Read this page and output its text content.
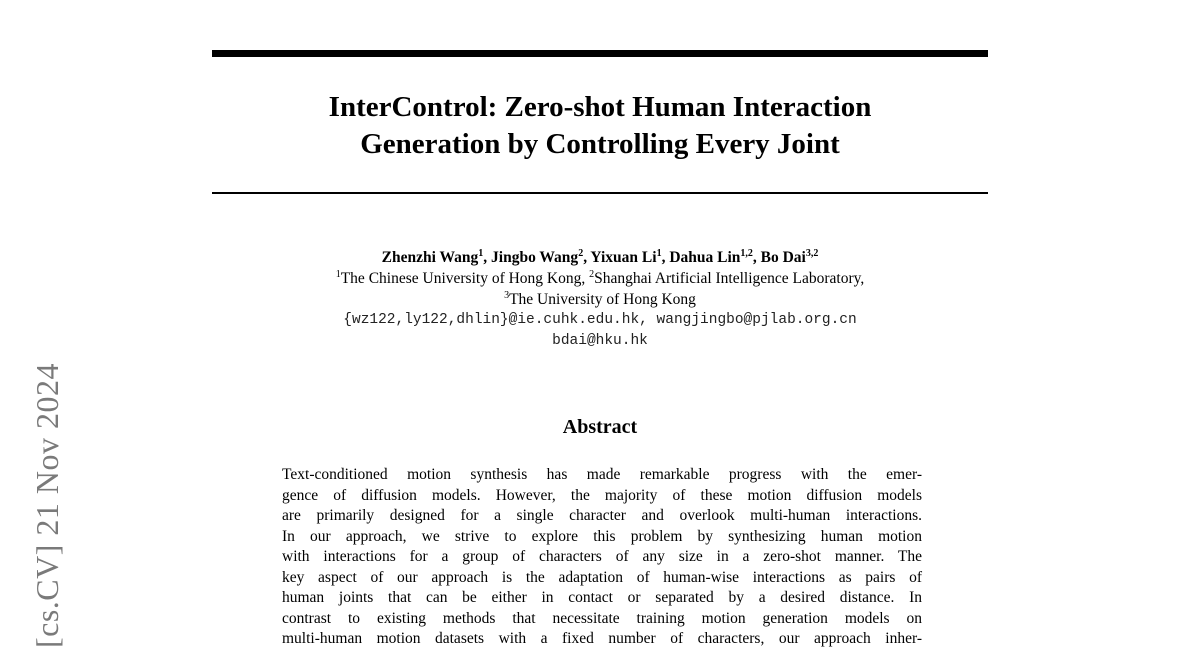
[cs.CV] 21 Nov 2024
InterControl: Zero-shot Human Interaction
Generation by Controlling Every Joint
Zhenzhi Wang$^1$, Jingbo Wang$^2$, Yixuan Li$^1$, Dahua Lin$^{1,2}$, Bo Dai$^{3,2}$
$^1$The Chinese University of Hong Kong, $^2$Shanghai Artificial Intelligence Laboratory,
$^3$The University of Hong Kong
{wz122,ly122,dhlin}@ie.cuhk.edu.hk, wangjingbo@pjlab.org.cn
bdai@hku.hk
Abstract
Text-conditioned motion synthesis has made remarkable progress with the emer-
gence of diffusion models. However, the majority of these motion diffusion models
are primarily designed for a single character and overlook multi-human interactions.
In our approach, we strive to explore this problem by synthesizing human motion
with interactions for a group of characters of any size in a zero-shot manner. The
key aspect of our approach is the adaptation of human-wise interactions as pairs of
human joints that can be either in contact or separated by a desired distance. In
contrast to existing methods that necessitate training motion generation models on
multi-human motion datasets with a fixed number of characters, our approach inher-
